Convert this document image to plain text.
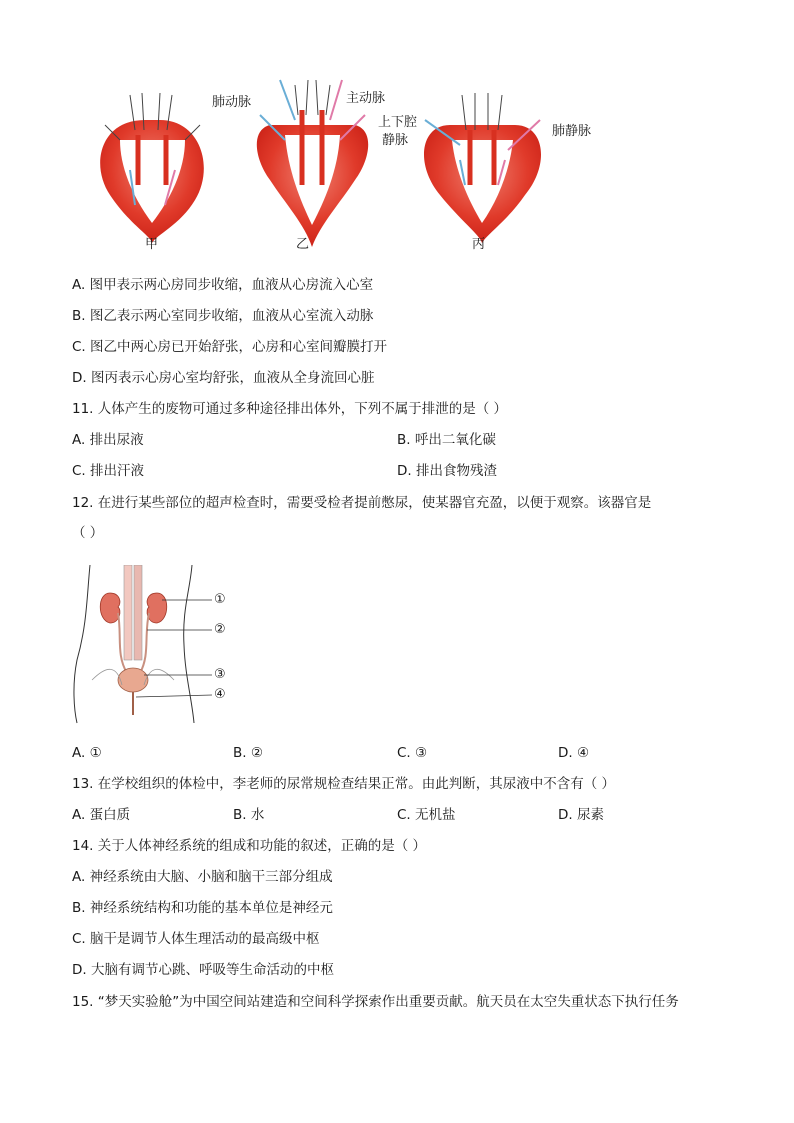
肺动脉	主动脉
上下腔
静脉
肺静脉
甲	乙	丙
A. 图甲表示两心房同步收缩，血液从心房流入心室
B. 图乙表示两心室同步收缩，血液从心室流入动脉
C. 图乙中两心房已开始舒张，心房和心室间瓣膜打开
D. 图丙表示心房心室均舒张，血液从全身流回心脏
11. 人体产生的废物可通过多种途径排出体外，下列不属于排泄的是（ ）
A. 排出尿液	B. 呼出二氧化碳
C. 排出汗液	D. 排出食物残渣
12. 在进行某些部位的超声检查时，需要受检者提前憋尿，使某器官充盈，以便于观察。该器官是
（ ）
①
②
③
④
A. ①	B. ②	C. ③	D. ④
13. 在学校组织的体检中，李老师的尿常规检查结果正常。由此判断，其尿液中不含有（ ）
A. 蛋白质	B. 水	C. 无机盐	D. 尿素
14. 关于人体神经系统的组成和功能的叙述，正确的是（ ）
A. 神经系统由大脑、小脑和脑干三部分组成
B. 神经系统结构和功能的基本单位是神经元
C. 脑干是调节人体生理活动的最高级中枢
D. 大脑有调节心跳、呼吸等生命活动的中枢
15. “梦天实验舱”为中国空间站建造和空间科学探索作出重要贡献。航天员在太空失重状态下执行任务
